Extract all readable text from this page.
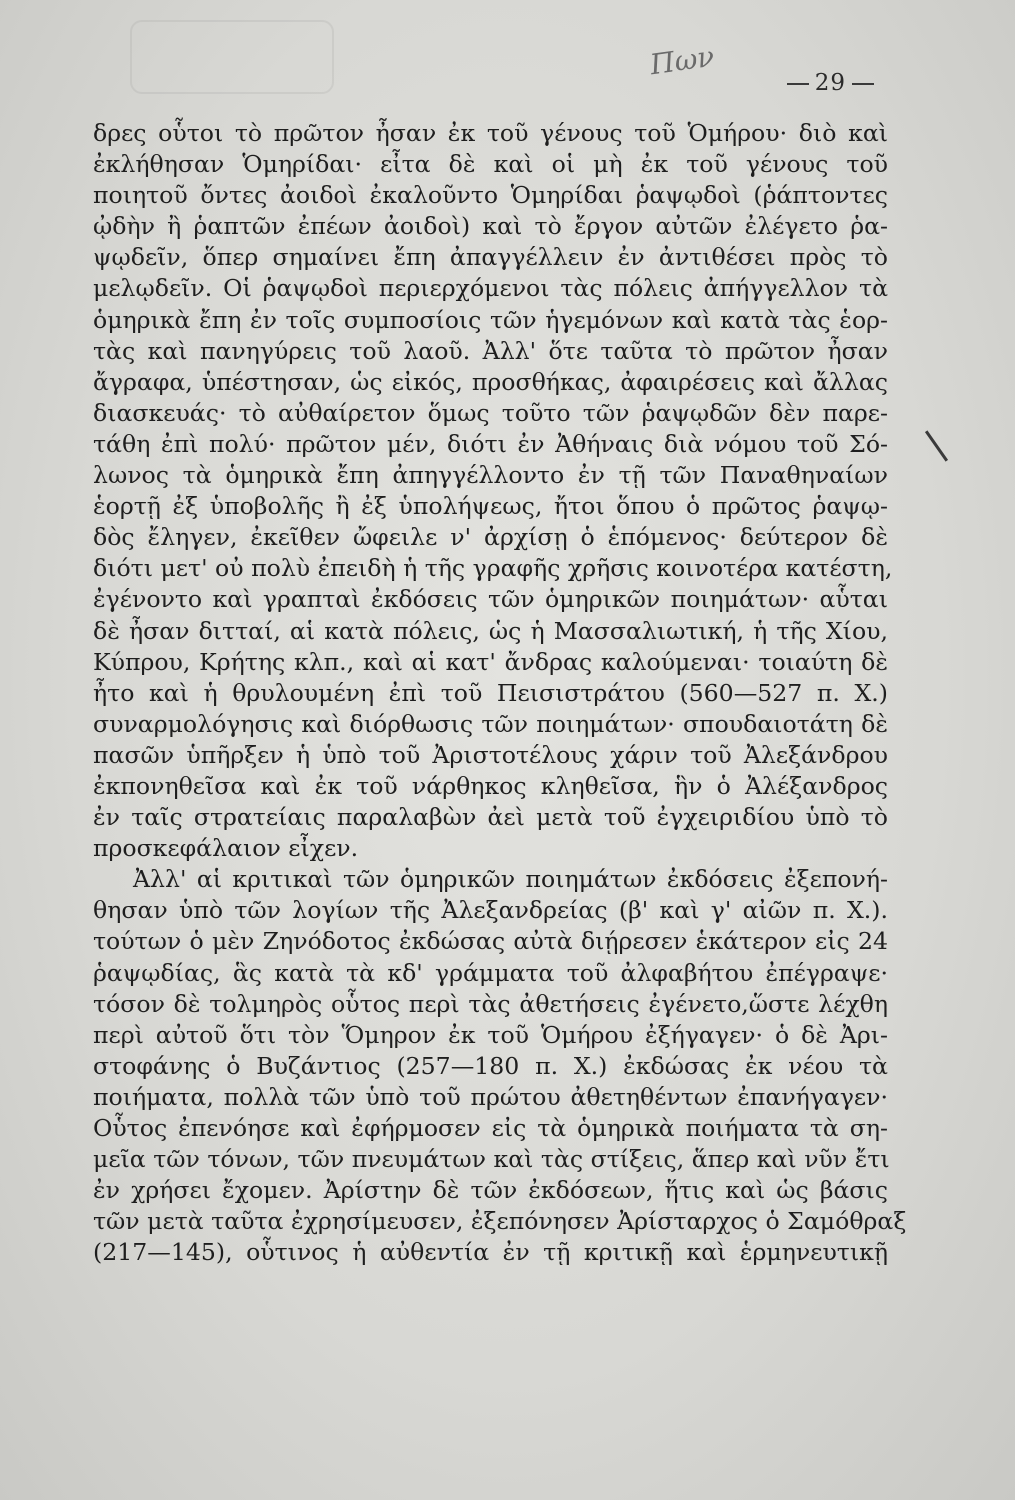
Πων
29
δρες οὗτοι τὸ πρῶτον ἦσαν ἐκ τοῦ γένους τοῦ Ὁμήρου· διὸ καὶ
ἐκλήθησαν Ὁμηρίδαι· εἶτα δὲ καὶ οἱ μὴ ἐκ τοῦ γένους τοῦ
ποιητοῦ ὄντες ἀοιδοὶ ἐκαλοῦντο Ὁμηρίδαι ῥαψῳδοὶ (ῥάπτοντες
ᾠδὴν ἢ ῥαπτῶν ἐπέων ἀοιδοὶ) καὶ τὸ ἔργον αὐτῶν ἐλέγετο ῥα-
ψῳδεῖν, ὅπερ σημαίνει ἔπη ἀπαγγέλλειν ἐν ἀντιθέσει πρὸς τὸ
μελῳδεῖν. Οἱ ῥαψῳδοὶ περιερχόμενοι τὰς πόλεις ἀπήγγελλον τὰ
ὁμηρικὰ ἔπη ἐν τοῖς συμποσίοις τῶν ἡγεμόνων καὶ κατὰ τὰς ἑορ-
τὰς καὶ πανηγύρεις τοῦ λαοῦ. Ἀλλ' ὅτε ταῦτα τὸ πρῶτον ἦσαν
ἄγραφα, ὑπέστησαν, ὡς εἰκός, προσθήκας, ἀφαιρέσεις καὶ ἄλλας
διασκευάς· τὸ αὐθαίρετον ὅμως τοῦτο τῶν ῥαψῳδῶν δὲν παρε-
τάθη ἐπὶ πολύ· πρῶτον μέν, διότι ἐν Ἀθήναις διὰ νόμου τοῦ Σό-
λωνος τὰ ὁμηρικὰ ἔπη ἀπηγγέλλοντο ἐν τῇ τῶν Παναθηναίων
ἑορτῇ ἐξ ὑποβολῆς ἢ ἐξ ὑπολήψεως, ἤτοι ὅπου ὁ πρῶτος ῥαψῳ-
δὸς ἔληγεν, ἐκεῖθεν ὤφειλε ν' ἀρχίσῃ ὁ ἑπόμενος· δεύτερον δὲ
διότι μετ' οὐ πολὺ ἐπειδὴ ἡ τῆς γραφῆς χρῆσις κοινοτέρα κατέστη,
ἐγένοντο καὶ γραπταὶ ἐκδόσεις τῶν ὁμηρικῶν ποιημάτων· αὗται
δὲ ἦσαν διτταί, αἱ κατὰ πόλεις, ὡς ἡ Μασσαλιωτική, ἡ τῆς Χίου,
Κύπρου, Κρήτης κλπ., καὶ αἱ κατ' ἄνδρας καλούμεναι· τοιαύτη δὲ
ἦτο καὶ ἡ θρυλουμένη ἐπὶ τοῦ Πεισιστράτου (560—527 π. Χ.)
συναρμολόγησις καὶ διόρθωσις τῶν ποιημάτων· σπουδαιοτάτη δὲ
πασῶν ὑπῆρξεν ἡ ὑπὸ τοῦ Ἀριστοτέλους χάριν τοῦ Ἀλεξάνδρου
ἐκπονηθεῖσα καὶ ἐκ τοῦ νάρθηκος κληθεῖσα, ἣν ὁ Ἀλέξανδρος
ἐν ταῖς στρατείαις παραλαβὼν ἀεὶ μετὰ τοῦ ἐγχειριδίου ὑπὸ τὸ
προσκεφάλαιον εἶχεν.
Ἀλλ' αἱ κριτικαὶ τῶν ὁμηρικῶν ποιημάτων ἐκδόσεις ἐξεπονή-
θησαν ὑπὸ τῶν λογίων τῆς Ἀλεξανδρείας (β' καὶ γ' αἰῶν π. Χ.).
τούτων ὁ μὲν Ζηνόδοτος ἐκδώσας αὐτὰ διῄρεσεν ἑκάτερον εἰς 24
ῥαψῳδίας, ἃς κατὰ τὰ κδ' γράμματα τοῦ ἀλφαβήτου ἐπέγραψε·
τόσον δὲ τολμηρὸς οὗτος περὶ τὰς ἀθετήσεις ἐγένετο,ὥστε λέχθη
περὶ αὐτοῦ ὅτι τὸν Ὅμηρον ἐκ τοῦ Ὁμήρου ἐξήγαγεν· ὁ δὲ Ἀρι-
στοφάνης ὁ Βυζάντιος (257—180 π. Χ.) ἐκδώσας ἐκ νέου τὰ
ποιήματα, πολλὰ τῶν ὑπὸ τοῦ πρώτου ἀθετηθέντων ἐπανήγαγεν·
Οὗτος ἐπενόησε καὶ ἐφήρμοσεν εἰς τὰ ὁμηρικὰ ποιήματα τὰ ση-
μεῖα τῶν τόνων, τῶν πνευμάτων καὶ τὰς στίξεις, ἅπερ καὶ νῦν ἔτι
ἐν χρήσει ἔχομεν. Ἀρίστην δὲ τῶν ἐκδόσεων, ἥτις καὶ ὡς βάσις
τῶν μετὰ ταῦτα ἐχρησίμευσεν, ἐξεπόνησεν Ἀρίσταρχος ὁ Σαμόθραξ
(217—145), οὗτινος ἡ αὐθεντία ἐν τῇ κριτικῇ καὶ ἑρμηνευτικῇ
